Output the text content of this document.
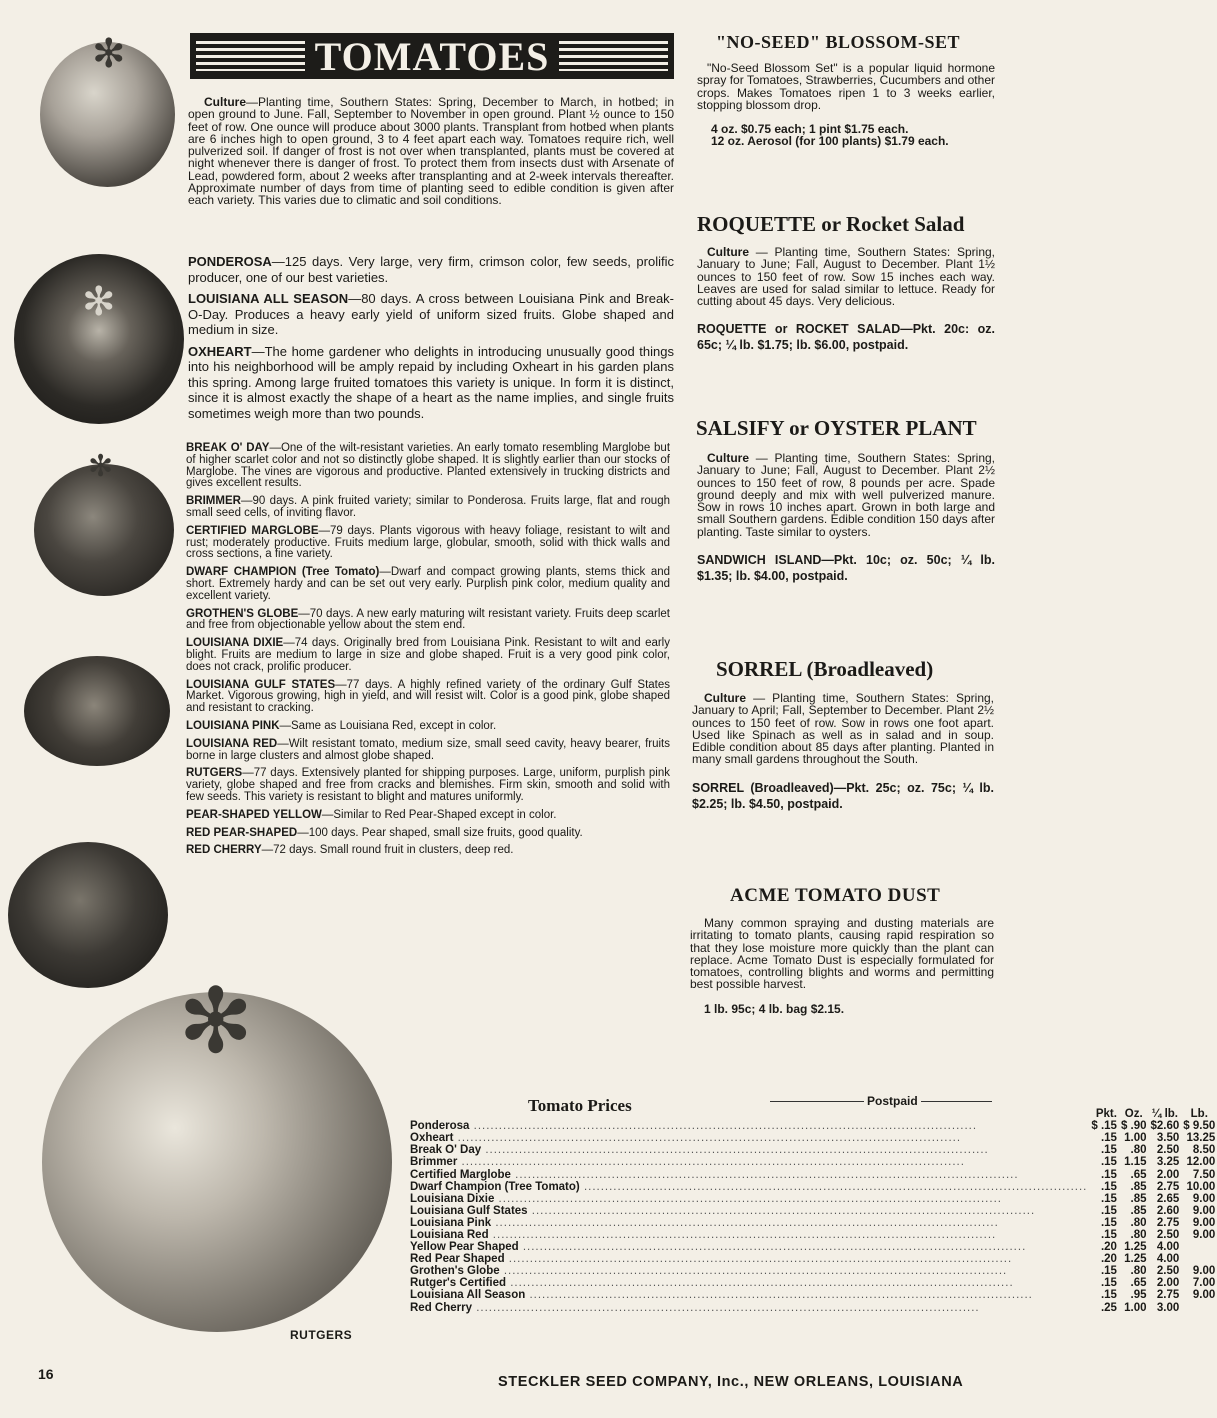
✻
✻
✻
✻
RUTGERS
TOMATOES

Culture—Planting time, Southern States: Spring, December to March, in hotbed; in open ground to June. Fall, September to November in open ground. Plant ½ ounce to 150 feet of row. One ounce will produce about 3000 plants. Transplant from hotbed when plants are 6 inches high to open ground, 3 to 4 feet apart each way. Tomatoes require rich, well pulverized soil. If danger of frost is not over when transplanted, plants must be covered at night whenever there is danger of frost. To protect them from insects dust with Arsenate of Lead, powdered form, about 2 weeks after transplanting and at 2-week intervals thereafter. Approximate number of days from time of planting seed to edible condition is given after each variety. This varies due to climatic and soil conditions.

PONDEROSA—125 days. Very large, very firm, crimson color, few seeds, prolific producer, one of our best varieties.

LOUISIANA ALL SEASON—80 days. A cross between Louisiana Pink and Break-O-Day. Produces a heavy early yield of uniform sized fruits. Globe shaped and medium in size.

OXHEART—The home gardener who delights in introducing unusually good things into his neighborhood will be amply repaid by including Oxheart in his garden plans this spring. Among large fruited tomatoes this variety is unique. In form it is distinct, since it is almost exactly the shape of a heart as the name implies, and single fruits sometimes weigh more than two pounds.

BREAK O' DAY—One of the wilt-resistant varieties. An early tomato resembling Marglobe but of higher scarlet color and not so distinctly globe shaped. It is slightly earlier than our stocks of Marglobe. The vines are vigorous and productive. Planted extensively in trucking districts and gives excellent results.

BRIMMER—90 days. A pink fruited variety; similar to Ponderosa. Fruits large, flat and rough small seed cells, of inviting flavor.

CERTIFIED MARGLOBE—79 days. Plants vigorous with heavy foliage, resistant to wilt and rust; moderately productive. Fruits medium large, globular, smooth, solid with thick walls and cross sections, a fine variety.

DWARF CHAMPION (Tree Tomato)—Dwarf and compact growing plants, stems thick and short. Extremely hardy and can be set out very early. Purplish pink color, medium quality and excellent variety.

GROTHEN'S GLOBE—70 days. A new early maturing wilt resistant variety. Fruits deep scarlet and free from objectionable yellow about the stem end.

LOUISIANA DIXIE—74 days. Originally bred from Louisiana Pink. Resistant to wilt and early blight. Fruits are medium to large in size and globe shaped. Fruit is a very good pink color, does not crack, prolific producer.

LOUISIANA GULF STATES—77 days. A highly refined variety of the ordinary Gulf States Market. Vigorous growing, high in yield, and will resist wilt. Color is a good pink, globe shaped and resistant to cracking.

LOUISIANA PINK—Same as Louisiana Red, except in color.

LOUISIANA RED—Wilt resistant tomato, medium size, small seed cavity, heavy bearer, fruits borne in large clusters and almost globe shaped.

RUTGERS—77 days. Extensively planted for shipping purposes. Large, uniform, purplish pink variety, globe shaped and free from cracks and blemishes. Firm skin, smooth and solid with few seeds. This variety is resistant to blight and matures uniformly.

PEAR-SHAPED YELLOW—Similar to Red Pear-Shaped except in color.

RED PEAR-SHAPED—100 days. Pear shaped, small size fruits, good quality.

RED CHERRY—72 days. Small round fruit in clusters, deep red.

"NO-SEED" BLOSSOM-SET

"No-Seed Blossom Set" is a popular liquid hormone spray for Tomatoes, Strawberries, Cucumbers and other crops. Makes Tomatoes ripen 1 to 3 weeks earlier, stopping blossom drop.

4 oz. $0.75 each; 1 pint $1.75 each.

12 oz. Aerosol (for 100 plants) $1.79 each.

ROQUETTE or Rocket Salad

Culture — Planting time, Southern States: Spring, January to June; Fall, August to December. Plant 1½ ounces to 150 feet of row. Sow 15 inches each way. Leaves are used for salad similar to lettuce. Ready for cutting about 45 days. Very delicious.

ROQUETTE or ROCKET SALAD—Pkt. 20c: oz. 65c; ¼ lb. $1.75; lb. $6.00, postpaid.

SALSIFY or OYSTER PLANT

Culture — Planting time, Southern States: Spring, January to June; Fall, August to December. Plant 2½ ounces to 150 feet of row, 8 pounds per acre. Spade ground deeply and mix with well pulverized manure. Sow in rows 10 inches apart. Grown in both large and small Southern gardens. Edible condition 150 days after planting. Taste similar to oysters.

SANDWICH ISLAND—Pkt. 10c; oz. 50c; ¼ lb. $1.35; lb. $4.00, postpaid.

SORREL (Broadleaved)

Culture — Planting time, Southern States: Spring, January to April; Fall, September to December. Plant 2½ ounces to 150 feet of row. Sow in rows one foot apart. Used like Spinach as well as in salad and in soup. Edible condition about 85 days after planting. Planted in many small gardens throughout the South.

SORREL (Broadleaved)—Pkt. 25c; oz. 75c; ¼ lb. $2.25; lb. $4.50, postpaid.

ACME TOMATO DUST

Many common spraying and dusting materials are irritating to tomato plants, causing rapid respiration so that they lose moisture more quickly than the plant can replace. Acme Tomato Dust is especially formulated for tomatoes, controlling blights and worms and permitting best possible harvest.

1 lb. 95c; 4 lb. bag $2.15.

Tomato Prices	Postpaid
	Pkt.	Oz.	¼ lb.	Lb.
Ponderosa ........................................................................................................................	$ .15	$ .90	$2.60	$ 9.50
Oxheart ........................................................................................................................	.15	1.00	3.50	13.25
Break O' Day ........................................................................................................................	.15	.80	2.50	8.50
Brimmer ........................................................................................................................	.15	1.15	3.25	12.00
Certified Marglobe ........................................................................................................................	.15	.65	2.00	7.50
Dwarf Champion (Tree Tomato) ........................................................................................................................	.15	.85	2.75	10.00
Louisiana Dixie ........................................................................................................................	.15	.85	2.65	9.00
Louisiana Gulf States ........................................................................................................................	.15	.85	2.60	9.00
Louisiana Pink ........................................................................................................................	.15	.80	2.75	9.00
Louisiana Red ........................................................................................................................	.15	.80	2.50	9.00
Yellow Pear Shaped ........................................................................................................................	.20	1.25	4.00	
Red Pear Shaped ........................................................................................................................	.20	1.25	4.00	
Grothen's Globe ........................................................................................................................	.15	.80	2.50	9.00
Rutger's Certified ........................................................................................................................	.15	.65	2.00	7.00
Louisiana All Season ........................................................................................................................	.15	.95	2.75	9.00
Red Cherry ........................................................................................................................	.25	1.00	3.00	
16	STECKLER SEED COMPANY, Inc., NEW ORLEANS, LOUISIANA
